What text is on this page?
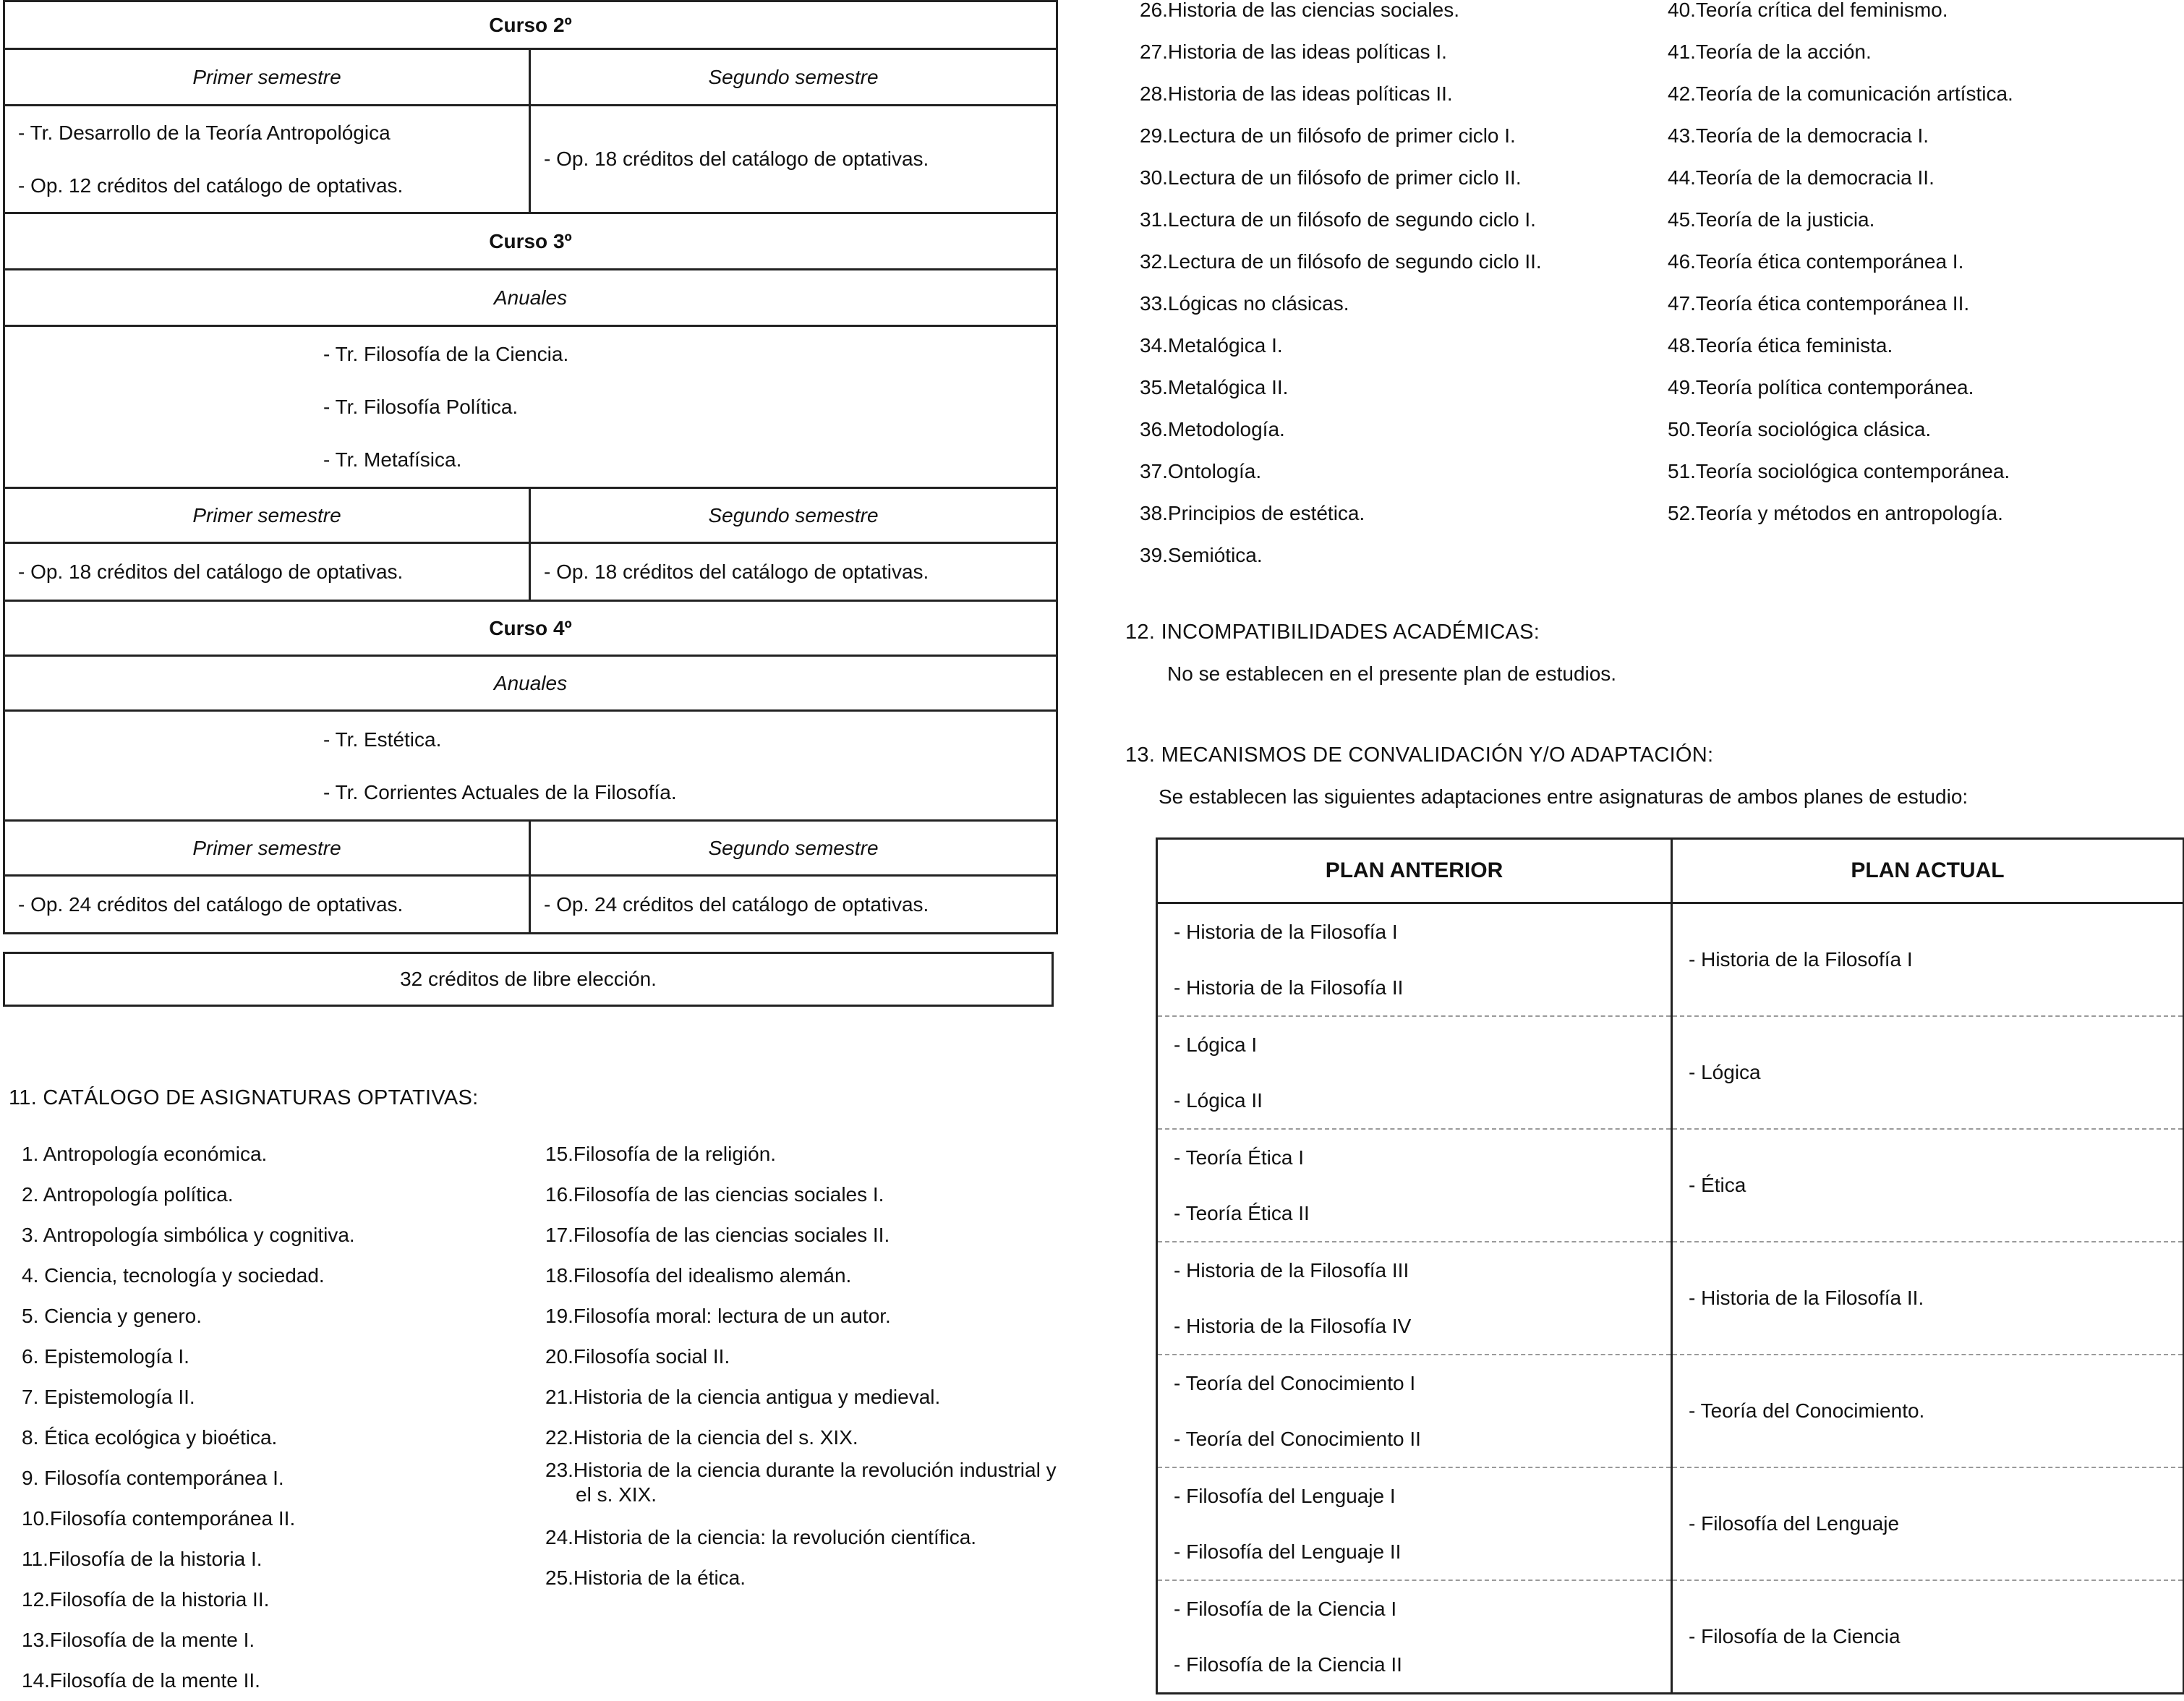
Curso 2º	
Primer semestre	Segundo semestre

- Tr. Desarrollo de la Teoría Antropológica
- Op. 12 créditos del catálogo de optativas.	- Op. 18 créditos del catálogo de optativas.
Curso 3º	
Anuales	

- Tr. Filosofía de la Ciencia.
- Tr. Filosofía Política.
- Tr. Metafísica.	

Primer semestre	Segundo semestre
- Op. 18 créditos del catálogo de optativas.	- Op. 18 créditos del catálogo de optativas.
Curso 4º	
Anuales	

- Tr. Estética.
- Tr. Corrientes Actuales de la Filosofía.	

Primer semestre	Segundo semestre
- Op. 24 créditos del catálogo de optativas.	- Op. 24 créditos del catálogo de optativas.
32 créditos de libre elección.
11. CATÁLOGO DE ASIGNATURAS OPTATIVAS:
1. Antropología económica.
2. Antropología política.
3. Antropología simbólica y cognitiva.
4. Ciencia, tecnología y sociedad.
5. Ciencia y genero.
6. Epistemología I.
7. Epistemología II.
8. Ética ecológica y bioética.
9. Filosofía contemporánea I.
10.Filosofía contemporánea II.
11.Filosofía de la historia I.
12.Filosofía de la historia II.
13.Filosofía de la mente I.
14.Filosofía de la mente II.
15.Filosofía de la religión.
16.Filosofía de las ciencias sociales I.
17.Filosofía de las ciencias sociales II.
18.Filosofía del idealismo alemán.
19.Filosofía moral: lectura de un autor.
20.Filosofía social II.
21.Historia de la ciencia antigua y medieval.
22.Historia de la ciencia del s. XIX.
23.Historia de la ciencia durante la revolución industrial y el s. XIX.
24.Historia de la ciencia: la revolución científica.
25.Historia de la ética.
26.Historia de las ciencias sociales.
27.Historia de las ideas políticas I.
28.Historia de las ideas políticas II.
29.Lectura de un filósofo de primer ciclo I.
30.Lectura de un filósofo de primer ciclo II.
31.Lectura de un filósofo de segundo ciclo I.
32.Lectura de un filósofo de segundo ciclo II.
33.Lógicas no clásicas.
34.Metalógica I.
35.Metalógica II.
36.Metodología.
37.Ontología.
38.Principios de estética.
39.Semiótica.
40.Teoría crítica del feminismo.
41.Teoría de la acción.
42.Teoría de la comunicación artística.
43.Teoría de la democracia I.
44.Teoría de la democracia II.
45.Teoría de la justicia.
46.Teoría ética contemporánea I.
47.Teoría ética contemporánea II.
48.Teoría ética feminista.
49.Teoría política contemporánea.
50.Teoría sociológica clásica.
51.Teoría sociológica contemporánea.
52.Teoría y métodos en antropología.
12. INCOMPATIBILIDADES ACADÉMICAS:
No se establecen en el presente plan de estudios.
13. MECANISMOS DE CONVALIDACIÓN Y/O ADAPTACIÓN:
Se establecen las siguientes adaptaciones entre asignaturas de ambos planes de estudio:
PLAN ANTERIOR	PLAN ACTUAL

- Historia de la Filosofía I
- Historia de la Filosofía II	- Historia de la Filosofía I

- Lógica I
- Lógica II	- Lógica

- Teoría Ética I
- Teoría Ética II	- Ética

- Historia de la Filosofía III
- Historia de la Filosofía IV	- Historia de la Filosofía II.

- Teoría del Conocimiento I
- Teoría del Conocimiento II	- Teoría del Conocimiento.

- Filosofía del Lenguaje I
- Filosofía del Lenguaje II	- Filosofía del Lenguaje

- Filosofía de la Ciencia I
- Filosofía de la Ciencia II	- Filosofía de la Ciencia
